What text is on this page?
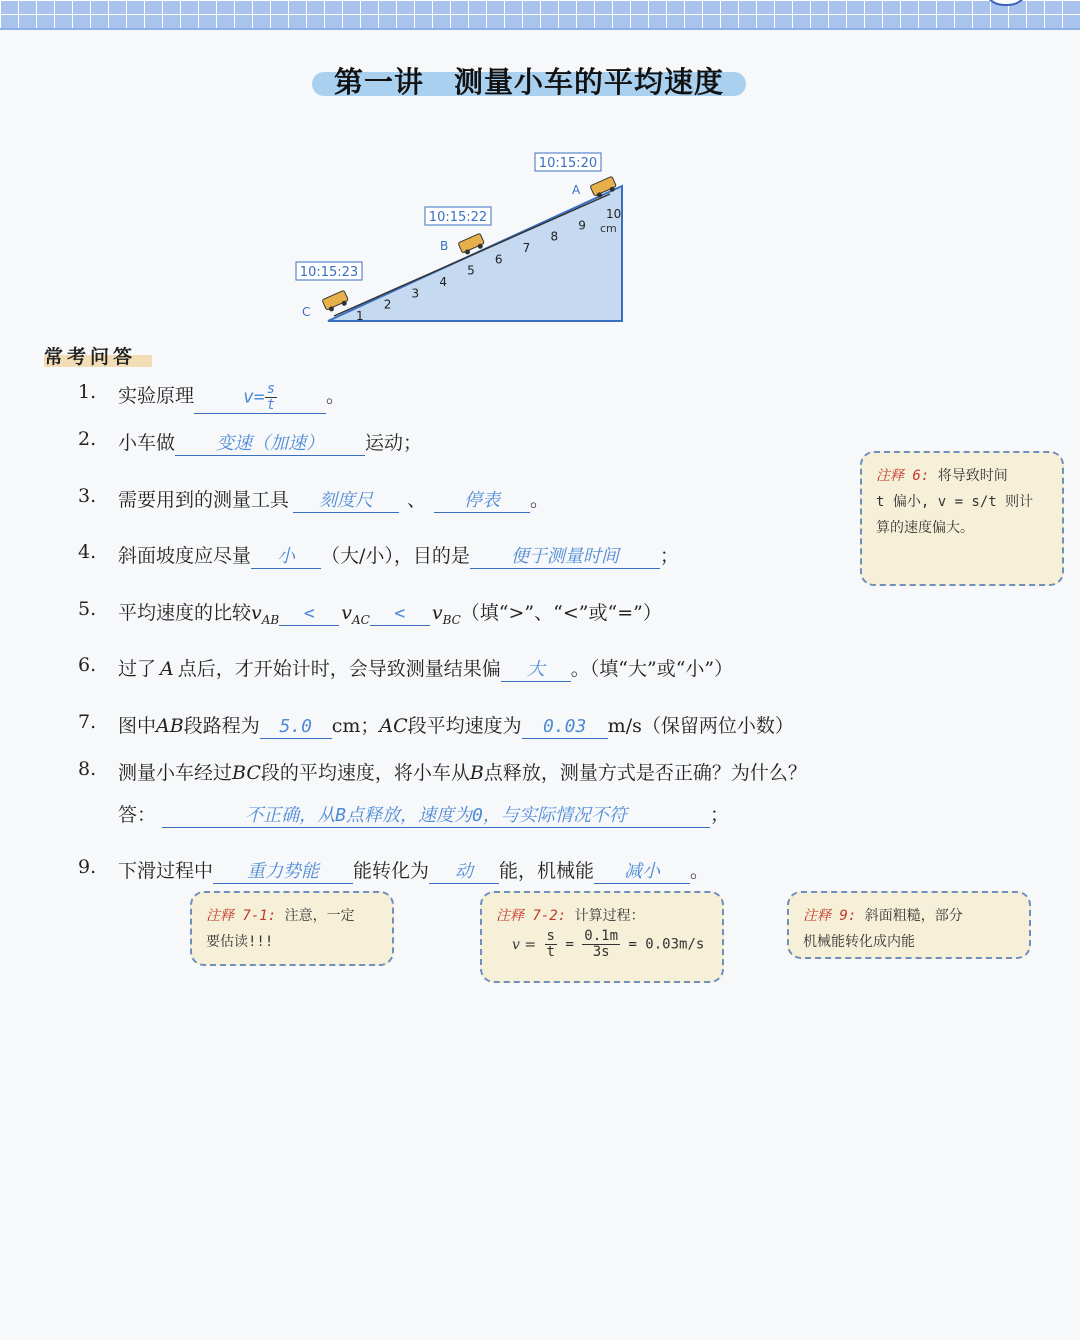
第一讲　测量小车的平均速度
1
2
3
4
5
6
7
8
9
10
10:15:20
10:15:22
10:15:23
A
B
C
cm
常考问答
1. 实验原理	$v= \frac{s}{t}$	。
2. 小车做 变速（加速） 运动；
3. 需要用到的测量工具 刻度尺 、 停表 。
4. 斜面坡度应尽量 小 （大/小），目的是 便于测量时间 ；
5. 平均速度的比较$v_{AB} < v_{AC} < v_{BC}$（填“>”、“<”或“=”）
6. 过了 A 点后，才开始计时，会导致测量结果偏 大 。（填“大”或“小”）
7. 图中AB段路程为 5.0 cm；AC段平均速度为 0.03 m/s（保留两位小数）
8. 测量小车经过BC段的平均速度，将小车从B点释放，测量方式是否正确？为什么？
答：	不正确，从B点释放，速度为0，与实际情况不符	；
9. 下滑过程中 重力势能 能转化为 动 能，机械能 减小 。
注释 6: 将导致时间
t 偏小, v = s/t 则计
算的速度偏大。
注释 7-1: 注意，一定
要估读!!!
注释 7-2: 计算过程：
$v = \frac{s}{t} = \frac{0.1m}{3s} = 0.03m/s$
注释 9: 斜面粗糙，部分
机械能转化成内能
